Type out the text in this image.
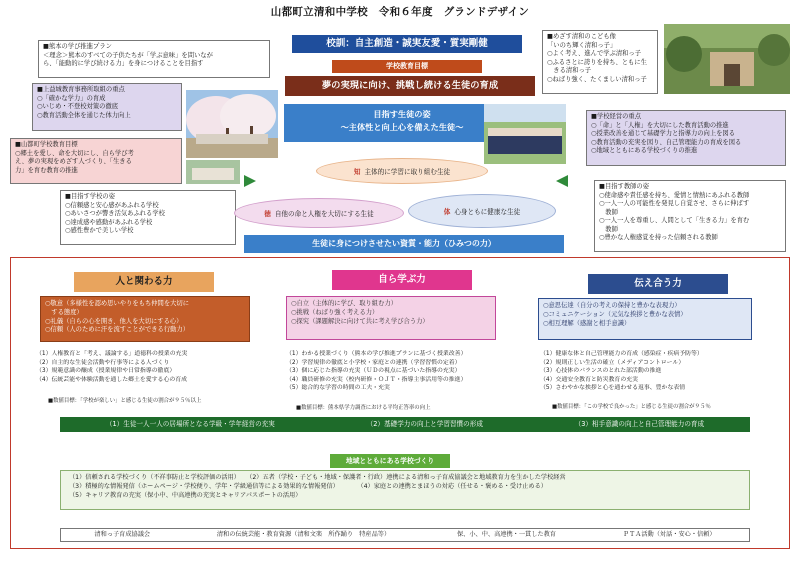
山都町立清和中学校　令和６年度　グランドデザイン
■熊本の学び推進プラン
＜理念＞熊本のすべての子供たちが「学ぶ意味」を問いなが
ら、「能動的に学び続ける力」を身につけることを目指す
■上益城教育事務所取組の重点
○「確かな学力」の育成
○いじめ・不登校対策の徹底
○教育活動全体を通じた体力向上
■山都町学校教育目標
○郷土を愛し、命を大切にし、自ら学び考
え、夢の実現をめざす人づくり、「生きる
力」を育む教育の推進
■目指す学校の姿
○信頼感と安心感があふれる学校
○あいさつが響き活気あふれる学校
○達成感や感動があふれる学校
○感性豊かで美しい学校
校訓：自主創造・誠実友愛・質実剛健
学校教育目標
夢の実現に向け、挑戦し続ける生徒の育成
目指す生徒の姿
～主体性と向上心を備えた生徒～
知 主体的に学習に取り組む生徒
徳 自他の命と人権を大切にする生徒	体 心身ともに健康な生徒
■めざす清和のこども像
「いのち輝く清和っ子」
○よく考え、進んで学ぶ清和っ子
○ふるさとに誇りを持ち、ともに生
　きる清和っ子
○ねばり強く、たくましい清和っ子
■学校経営の重点
○「命」と「人権」を大切にした教育活動の推進
○授業改善を通じて基礎学力と指導力の向上を図る
○教育活動の充実を図り、自己管理能力の育成を図る
○地域とともにある学校づくりの推進
■目指す教師の姿
○使命感や責任感を持ち、愛情と情熱にあふれる教師
○一人一人の可能性を発見し自覚させ、さらに伸ばす
　教師
○一人一人を尊重し、人間として「生きる力」を育む
　教師
○豊かな人権感覚を持った信頼される教師
生徒に身につけさせたい資質・能力（ひみつの力）
人と関わる力
○敬意（多様性を認め思いやりをもち仲間を大切に
　する態度）
○礼儀（自らの心を開き、他人を大切にする心）
○信頼（人のために汗を流すことができる行動力）
（1）人権教育と「考え、議論する」道徳科の授業の充実
（2）自主的な生徒会活動や行事等による人づくり
（3）規範意識の醸成（授業規律や日常指導の徹底）
（4）伝統芸能や体験活動を通した郷土を愛する心の育成
■数値目標：「学校が楽しい」と感じる生徒の割合が９５％以上
自ら学ぶ力
○自立（主体的に学び、取り組む力）
○挑戦（ねばり強く考える力）
○探究（課題解決に向けて共に考え学び合う力）
（1）わかる授業づくり（熊本の学び推進プランに基づく授業改善）
（2）学習規律の徹底と小学校・家庭との連携（学習習慣の定着）
（3）個に応じた指導の充実（ＵＤの視点に基づいた指導の充実）
（4）職員研修の充実（校内研修・ＯＪＴ・指導主事活用等の推進）
（5）総合的な学習の時間の工夫・充実
■数値目標：熊本県学力調査における平均正答率の向上
伝え合う力
○意思伝達（自分の考えの保持と豊かな表現力）
○コミュニケーション（元気な挨拶と豊かな表情）
○相互理解（感謝と相手意識）
（1）健康な体と自己管理能力の育成（感染症・疾病予防等）
（2）規則正しい生活の確立（メディアコントロール）
（3）心技体のバランスのとれた部活動の推進
（4）交通安全教育と防災教育の充実
（5）さわやかな挨拶と心を通わせる返事、豊かな表情
■数値目標：「この学校で良かった」と感じる生徒の割合が９５％
（1）生徒一人一人の居場所となる学級・学年経営の充実	（2）基礎学力の向上と学習習慣の形成	（3）相手意識の向上と自己管理能力の育成
地域とともにある学校づくり
（1）信頼される学校づくり（不祥事防止と学校評価の活用）　　（2）五者（学校・子ども・地域・保護者・行政）連携による清和っ子育成協議会と地域教育力を生かした学校経営
（3）積極的な情報発信（ホームページ・学校便り、学年・学級通信等による効果的な情報発信）　　　　（4）家庭との連携とまほうの対応（任せる・褒める・受け止める）
（5）キャリア教育の充実（保小中、中高連携の充実とキャリアパスポートの活用）
清和っ子育成協議会	清和の伝統芸能・教育資源（清和文楽　所作踊り　特産品等）	保、小、中、高連携・一貫した教育	ＰＴＡ活動（対話・安心・信頼）
